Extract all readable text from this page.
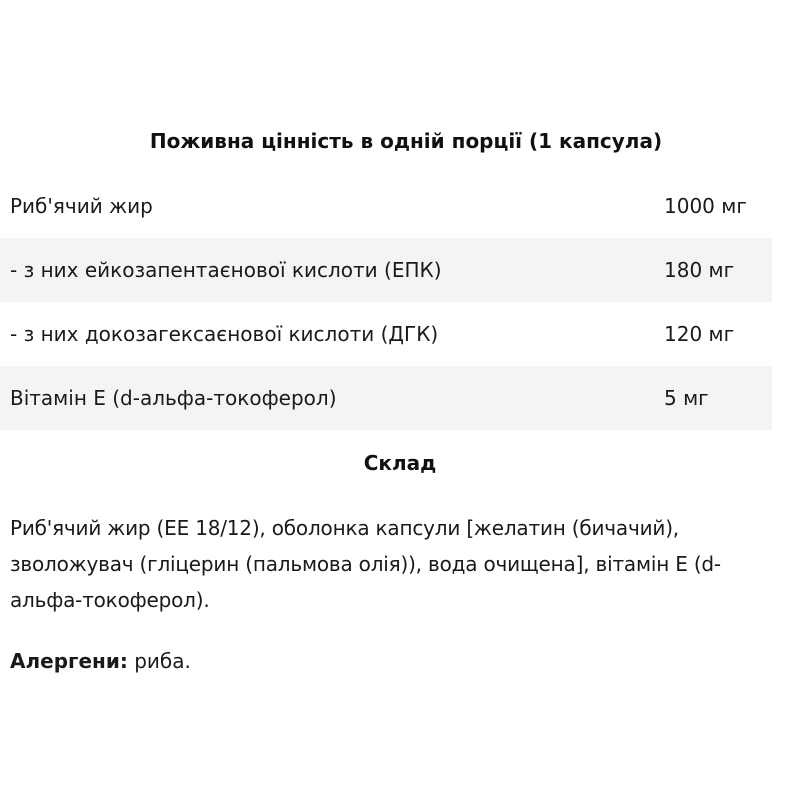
Поживна цінність в одній порції (1 капсула)
Риб'ячий жир	1000 мг
- з них ейкозапентаєнової кислоти (ЕПК)	180 мг
- з них докозагексаєнової кислоти (ДГК)	120 мг
Вітамін Е (d-альфа-токоферол)	5 мг
Склад
Риб'ячий жир (ЕЕ 18/12), оболонка капсули [желатин (бичачий), зволожувач (гліцерин (пальмова олія)), вода очищена], вітамін Е (d-альфа-токоферол).
Алергени: риба.
